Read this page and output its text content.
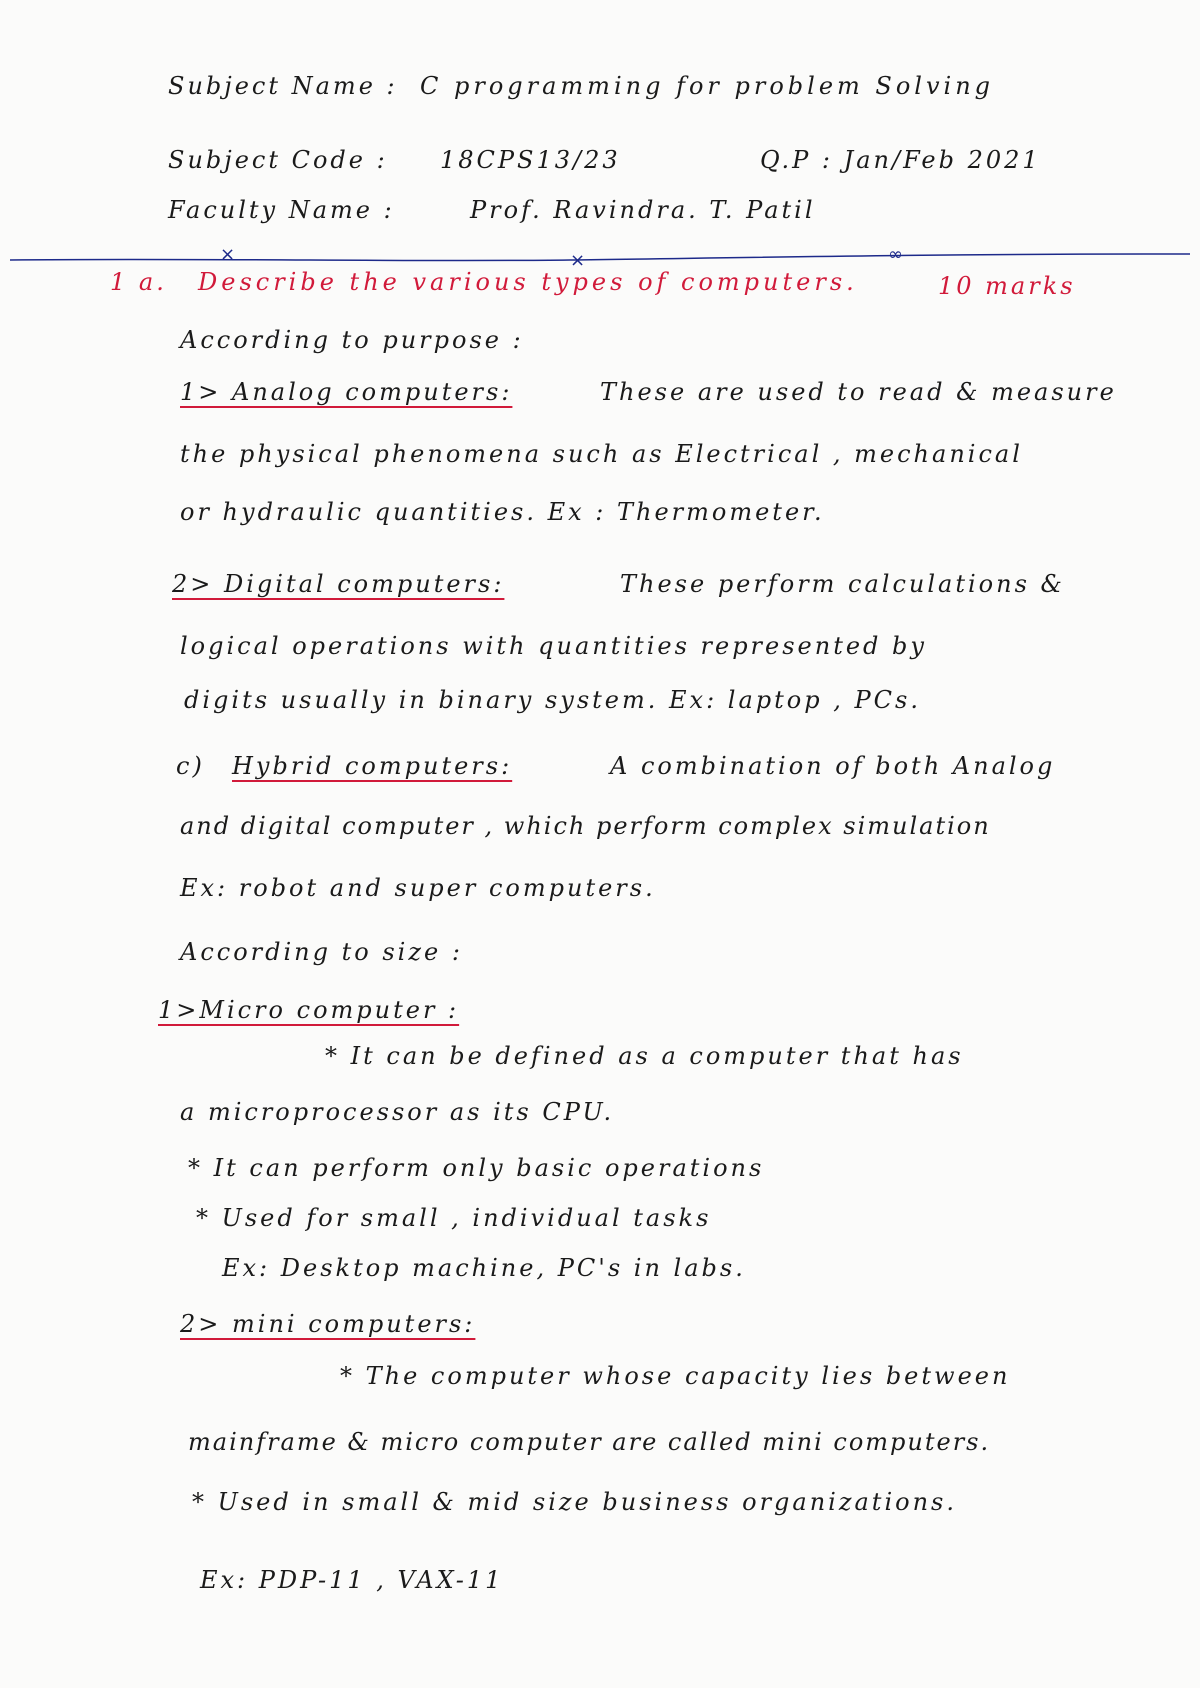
Subject Name : C programming for problem Solving
Subject Code : 18CPS13/23	Q.P : Jan/Feb 2021
Faculty Name :	Prof. Ravindra. T. Patil
×	×	∞
1 a. Describe the various types of computers.	10 marks
According to purpose :
1> Analog computers:	These are used to read & measure
the physical phenomena such as Electrical , mechanical
or hydraulic quantities. Ex : Thermometer.
2> Digital computers:	These perform calculations &
logical operations with quantities represented by
digits usually in binary system. Ex: laptop , PCs.
c) Hybrid computers:	A combination of both Analog
and digital computer , which perform complex simulation
Ex: robot and super computers.
According to size :
1>Micro computer :
* It can be defined as a computer that has
a microprocessor as its CPU.
* It can perform only basic operations
* Used for small , individual tasks
Ex: Desktop machine, PC's in labs.
2> mini computers:
* The computer whose capacity lies between
mainframe & micro computer are called mini computers.
* Used in small & mid size business organizations.
Ex: PDP-11 , VAX-11
